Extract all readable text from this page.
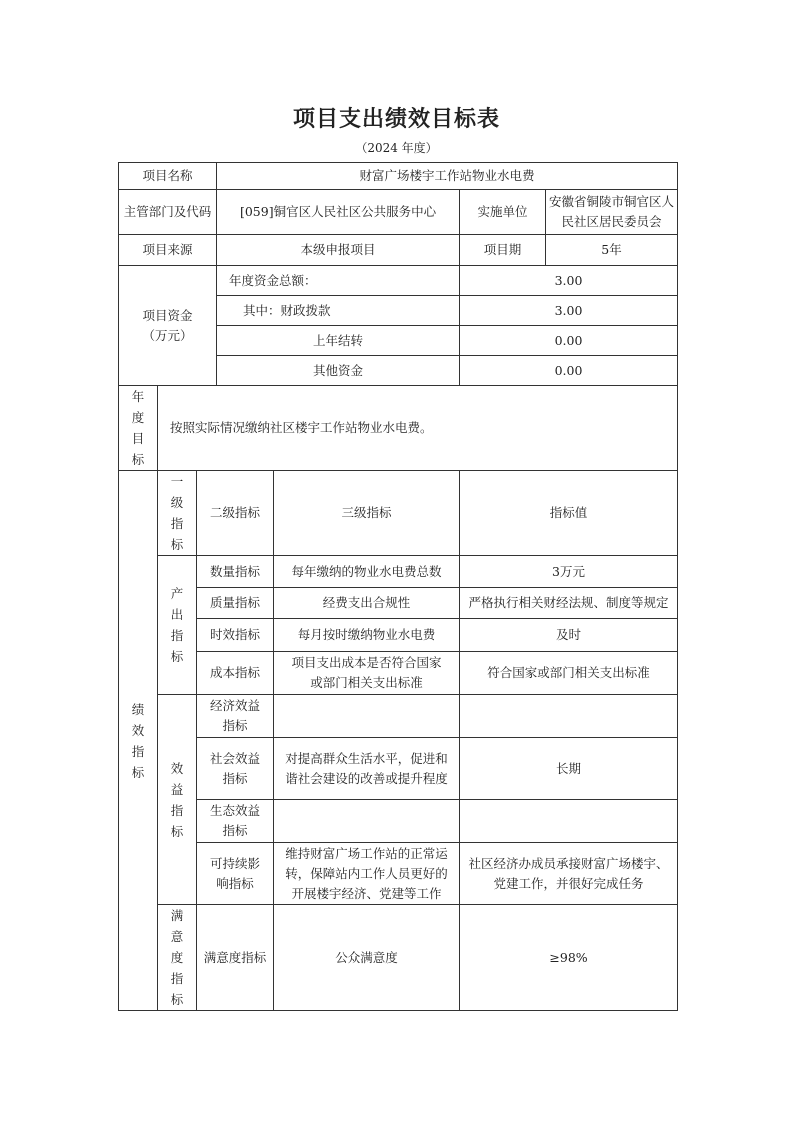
项目支出绩效目标表
（2024 年度）
项目名称			财富广场楼宇工作站物业水电费			
主管部门及代码			[059]铜官区人民社区公共服务中心		实施单位	安徽省铜陵市铜官区人民社区居民委员会
项目来源			本级申报项目		项目期	5年
项目资金（万元）			年度资金总额：		3.00	
			其中：财政拨款		3.00	
			上年结转		0.00	
			其他资金		0.00	
年度目标	按照实际情况缴纳社区楼宇工作站物业水电费。					
绩效指标	一级指标	二级指标		三级指标	指标值	
	产出指标	数量指标		每年缴纳的物业水电费总数	3万元	
		质量指标		经费支出合规性	严格执行相关财经法规、制度等规定	
		时效指标		每月按时缴纳物业水电费	及时	
		成本指标		项目支出成本是否符合国家或部门相关支出标准	符合国家或部门相关支出标准	
	效益指标	经济效益指标				
		社会效益指标		对提高群众生活水平，促进和谐社会建设的改善或提升程度	长期	
		生态效益指标				
		可持续影响指标		维持财富广场工作站的正常运转，保障站内工作人员更好的开展楼宇经济、党建等工作	社区经济办成员承接财富广场楼宇、党建工作，并很好完成任务	
	满意度指标	满意度指标		公众满意度	≥98%	
